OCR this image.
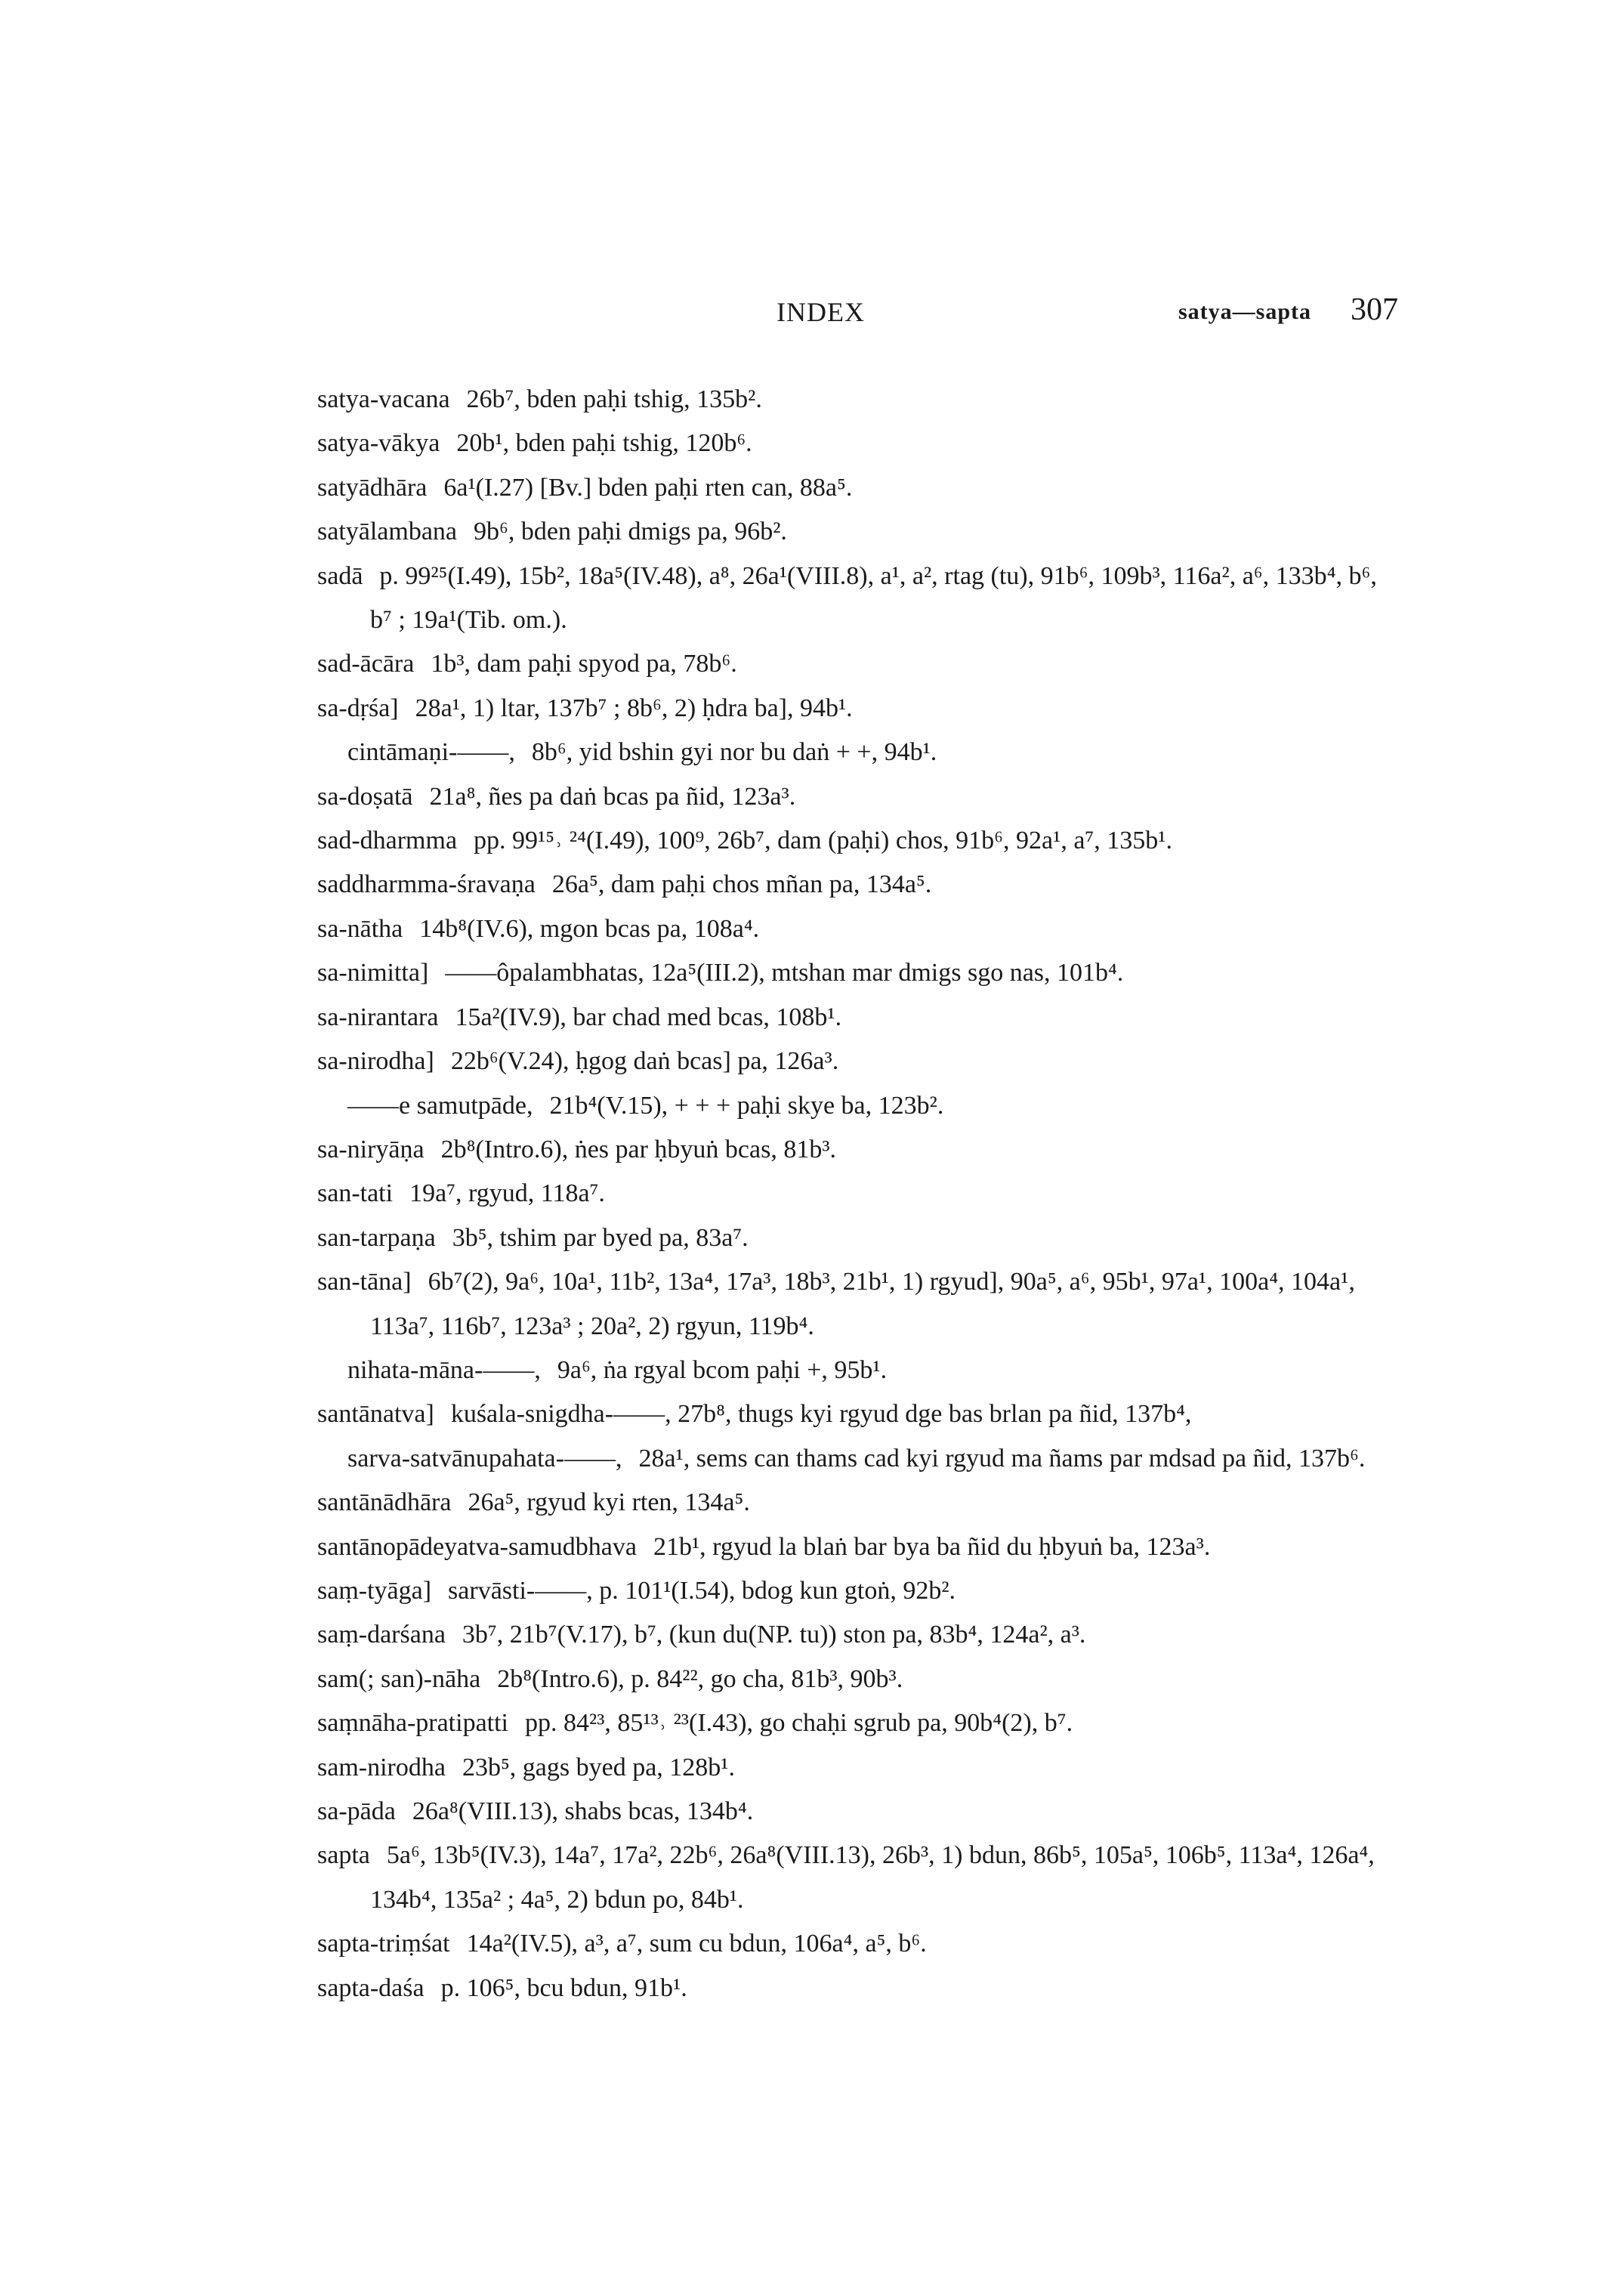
INDEX	satya—sapta 307
satya-vacana 26b⁷, bden paḥi tshig, 135b².
satya-vākya 20b¹, bden paḥi tshig, 120b⁶.
satyādhāra 6a¹(I.27) [Bv.] bden paḥi rten can, 88a⁵.
satyālambana 9b⁶, bden paḥi dmigs pa, 96b².
sadā p. 99²⁵(I.49), 15b², 18a⁵(IV.48), a⁸, 26a¹(VIII.8), a¹, a², rtag (tu), 91b⁶, 109b³, 116a², a⁶, 133b⁴, b⁶, b⁷ ; 19a¹(Tib. om.).
sad-ācāra 1b³, dam paḥi spyod pa, 78b⁶.
sa-dṛśa] 28a¹, 1) ltar, 137b⁷ ; 8b⁶, 2) ḥdra ba], 94b¹.
cintāmaṇi-——, 8b⁶, yid bshin gyi nor bu daṅ + +, 94b¹.
sa-doṣatā 21a⁸, ñes pa daṅ bcas pa ñid, 123a³.
sad-dharmma pp. 99¹⁵˒ ²⁴(I.49), 100⁹, 26b⁷, dam (paḥi) chos, 91b⁶, 92a¹, a⁷, 135b¹.
saddharmma-śravaṇa 26a⁵, dam paḥi chos mñan pa, 134a⁵.
sa-nātha 14b⁸(IV.6), mgon bcas pa, 108a⁴.
sa-nimitta] ——ôpalambhatas, 12a⁵(III.2), mtshan mar dmigs sgo nas, 101b⁴.
sa-nirantara 15a²(IV.9), bar chad med bcas, 108b¹.
sa-nirodha] 22b⁶(V.24), ḥgog daṅ bcas] pa, 126a³.
——e samutpāde, 21b⁴(V.15), + + + paḥi skye ba, 123b².
sa-niryāṇa 2b⁸(Intro.6), ṅes par ḥbyuṅ bcas, 81b³.
san-tati 19a⁷, rgyud, 118a⁷.
san-tarpaṇa 3b⁵, tshim par byed pa, 83a⁷.
san-tāna] 6b⁷(2), 9a⁶, 10a¹, 11b², 13a⁴, 17a³, 18b³, 21b¹, 1) rgyud], 90a⁵, a⁶, 95b¹, 97a¹, 100a⁴, 104a¹, 113a⁷, 116b⁷, 123a³ ; 20a², 2) rgyun, 119b⁴.
nihata-māna-——, 9a⁶, ṅa rgyal bcom paḥi +, 95b¹.
santānatva] kuśala-snigdha-——, 27b⁸, thugs kyi rgyud dge bas brlan pa ñid, 137b⁴,
sarva-satvānupahata-——, 28a¹, sems can thams cad kyi rgyud ma ñams par mdsad pa ñid, 137b⁶.
santānādhāra 26a⁵, rgyud kyi rten, 134a⁵.
santānopādeyatva-samudbhava 21b¹, rgyud la blaṅ bar bya ba ñid du ḥbyuṅ ba, 123a³.
saṃ-tyāga] sarvāsti-——, p. 101¹(I.54), bdog kun gtoṅ, 92b².
saṃ-darśana 3b⁷, 21b⁷(V.17), b⁷, (kun du(NP. tu)) ston pa, 83b⁴, 124a², a³.
sam(; san)-nāha 2b⁸(Intro.6), p. 84²², go cha, 81b³, 90b³.
saṃnāha-pratipatti pp. 84²³, 85¹³˒ ²³(I.43), go chaḥi sgrub pa, 90b⁴(2), b⁷.
sam-nirodha 23b⁵, gags byed pa, 128b¹.
sa-pāda 26a⁸(VIII.13), shabs bcas, 134b⁴.
sapta 5a⁶, 13b⁵(IV.3), 14a⁷, 17a², 22b⁶, 26a⁸(VIII.13), 26b³, 1) bdun, 86b⁵, 105a⁵, 106b⁵, 113a⁴, 126a⁴, 134b⁴, 135a² ; 4a⁵, 2) bdun po, 84b¹.
sapta-triṃśat 14a²(IV.5), a³, a⁷, sum cu bdun, 106a⁴, a⁵, b⁶.
sapta-daśa p. 106⁵, bcu bdun, 91b¹.
